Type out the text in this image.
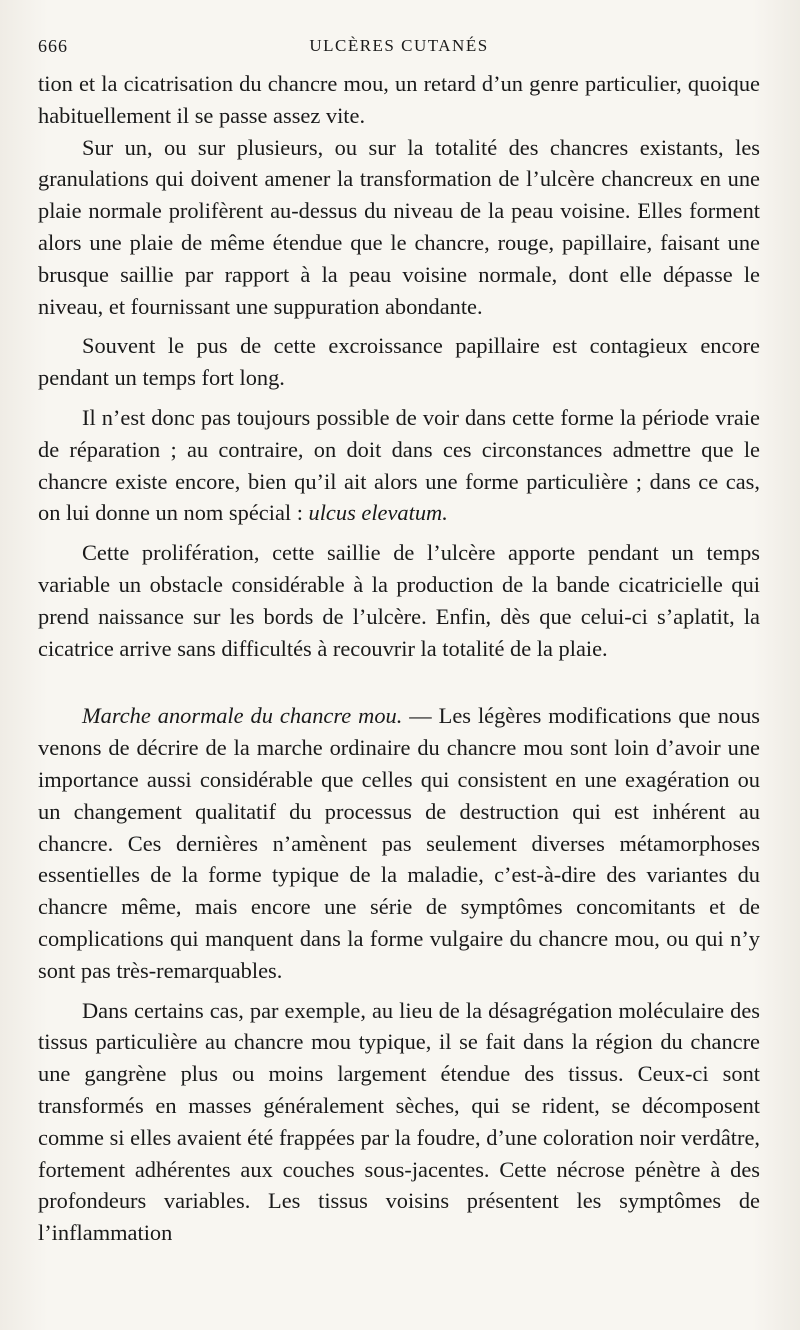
666	ULCÈRES CUTANÉS

tion et la cicatrisation du chancre mou, un retard d’un genre particulier, quoique habituellement il se passe assez vite.

Sur un, ou sur plusieurs, ou sur la totalité des chancres existants, les granulations qui doivent amener la transformation de l’ulcère chancreux en une plaie normale prolifèrent au-dessus du niveau de la peau voisine. Elles forment alors une plaie de même étendue que le chancre, rouge, papillaire, faisant une brusque saillie par rapport à la peau voisine normale, dont elle dépasse le niveau, et fournissant une suppuration abondante.

Souvent le pus de cette excroissance papillaire est contagieux encore pendant un temps fort long.

Il n’est donc pas toujours possible de voir dans cette forme la période vraie de réparation ; au contraire, on doit dans ces circonstances admettre que le chancre existe encore, bien qu’il ait alors une forme particulière ; dans ce cas, on lui donne un nom spécial : ulcus elevatum.

Cette prolifération, cette saillie de l’ulcère apporte pendant un temps variable un obstacle considérable à la production de la bande cicatricielle qui prend naissance sur les bords de l’ulcère. Enfin, dès que celui-ci s’aplatit, la cicatrice arrive sans difficultés à recouvrir la totalité de la plaie.

Marche anormale du chancre mou. — Les légères modifications que nous venons de décrire de la marche ordinaire du chancre mou sont loin d’avoir une importance aussi considérable que celles qui consistent en une exagération ou un changement qualitatif du processus de destruction qui est inhérent au chancre. Ces dernières n’amènent pas seulement diverses métamorphoses essentielles de la forme typique de la maladie, c’est-à-dire des variantes du chancre même, mais encore une série de symptômes concomitants et de complications qui manquent dans la forme vulgaire du chancre mou, ou qui n’y sont pas très-remarquables.

Dans certains cas, par exemple, au lieu de la désagrégation moléculaire des tissus particulière au chancre mou typique, il se fait dans la région du chancre une gangrène plus ou moins largement étendue des tissus. Ceux-ci sont transformés en masses généralement sèches, qui se rident, se décomposent comme si elles avaient été frappées par la foudre, d’une coloration noir verdâtre, fortement adhérentes aux couches sous-jacentes. Cette nécrose pénètre à des profondeurs variables. Les tissus voisins présentent les symptômes de l’inflammation
